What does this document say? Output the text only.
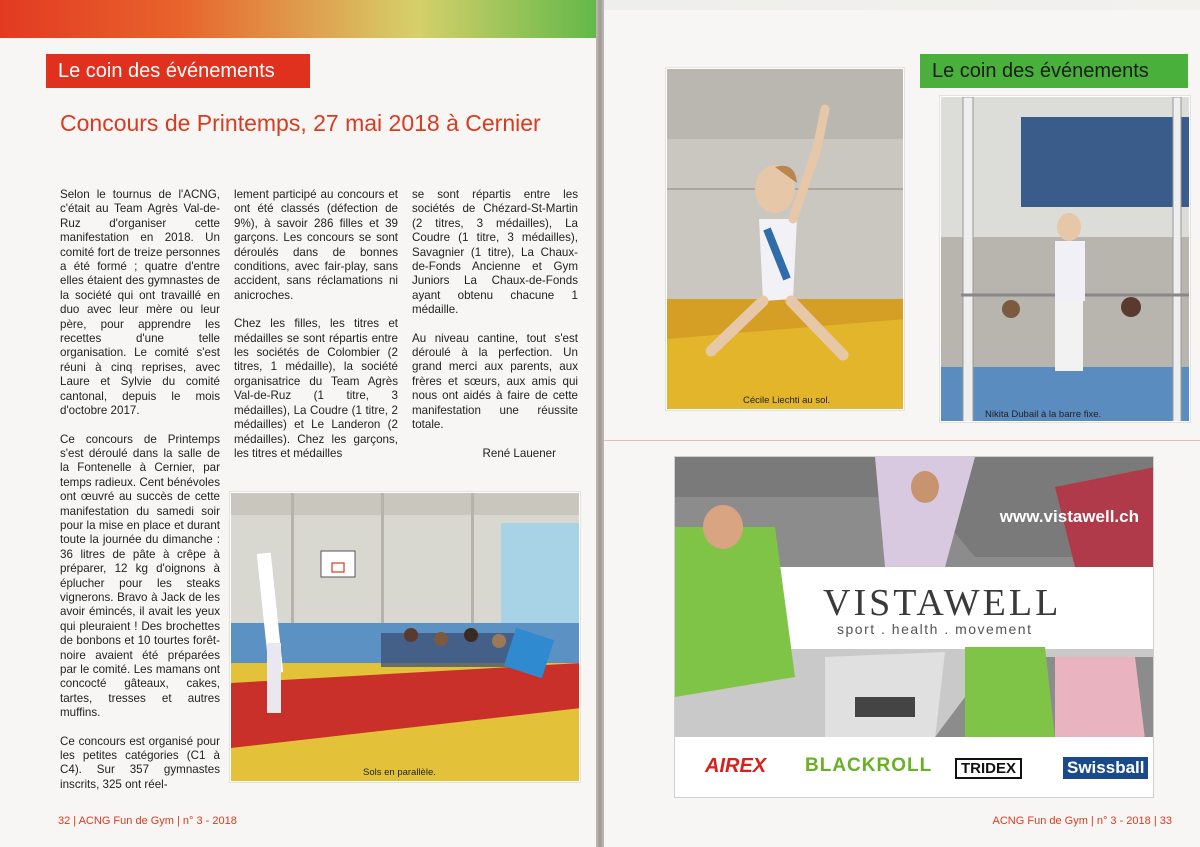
Le coin des événements
Concours de Printemps, 27 mai 2018 à Cernier

Selon le tournus de l'ACNG, c'était au Team Agrès Val-de-Ruz d'organiser cette manifestation en 2018. Un comité fort de treize personnes a été formé ; quatre d'entre elles étaient des gymnastes de la société qui ont travaillé en duo avec leur mère ou leur père, pour apprendre les recettes d'une telle organisation. Le comité s'est réuni à cinq reprises, avec Laure et Sylvie du comité cantonal, depuis le mois d'octobre 2017.

Ce concours de Printemps s'est déroulé dans la salle de la Fontenelle à Cernier, par temps radieux. Cent bénévoles ont œuvré au succès de cette manifestation du samedi soir pour la mise en place et durant toute la journée du dimanche : 36 litres de pâte à crêpe à préparer, 12 kg d'oignons à éplucher pour les steaks vignerons. Bravo à Jack de les avoir émincés, il avait les yeux qui pleuraient ! Des brochettes de bonbons et 10 tourtes forêt-noire avaient été préparées par le comité. Les mamans ont concocté gâteaux, cakes, tartes, tresses et autres muffins.

Ce concours est organisé pour les petites catégories (C1 à C4). Sur 357 gymnastes inscrits, 325 ont réel-

lement participé au concours et ont été classés (défection de 9%), à savoir 286 filles et 39 garçons. Les concours se sont déroulés dans de bonnes conditions, avec fair-play, sans accident, sans réclamations ni anicroches.

Chez les filles, les titres et médailles se sont répartis entre les sociétés de Colombier (2 titres, 1 médaille), la société organisatrice du Team Agrès Val-de-Ruz (1 titre, 3 médailles), La Coudre (1 titre, 2 médailles) et Le Landeron (2 médailles). Chez les garçons, les titres et médailles

se sont répartis entre les sociétés de Chézard-St-Martin (2 titres, 3 médailles), La Coudre (1 titre, 3 médailles), Savagnier (1 titre), La Chaux-de-Fonds Ancienne et Gym Juniors La Chaux-de-Fonds ayant obtenu chacune 1 médaille.

Au niveau cantine, tout s'est déroulé à la perfection. Un grand merci aux parents, aux frères et sœurs, aux amis qui nous ont aidés à faire de cette manifestation une réussite totale.

René Lauener

Sols en parallèle.
32 | ACNG Fun de Gym | n° 3 - 2018
Cécile Liechti au sol.
Le coin des événements
Nikita Dubail à la barre fixe.
www.vistawell.ch
VISTAWELL
sport . health . movement
AIREX BLACKROLL	TRIDEX	Swissball
ACNG Fun de Gym | n° 3 - 2018 | 33
